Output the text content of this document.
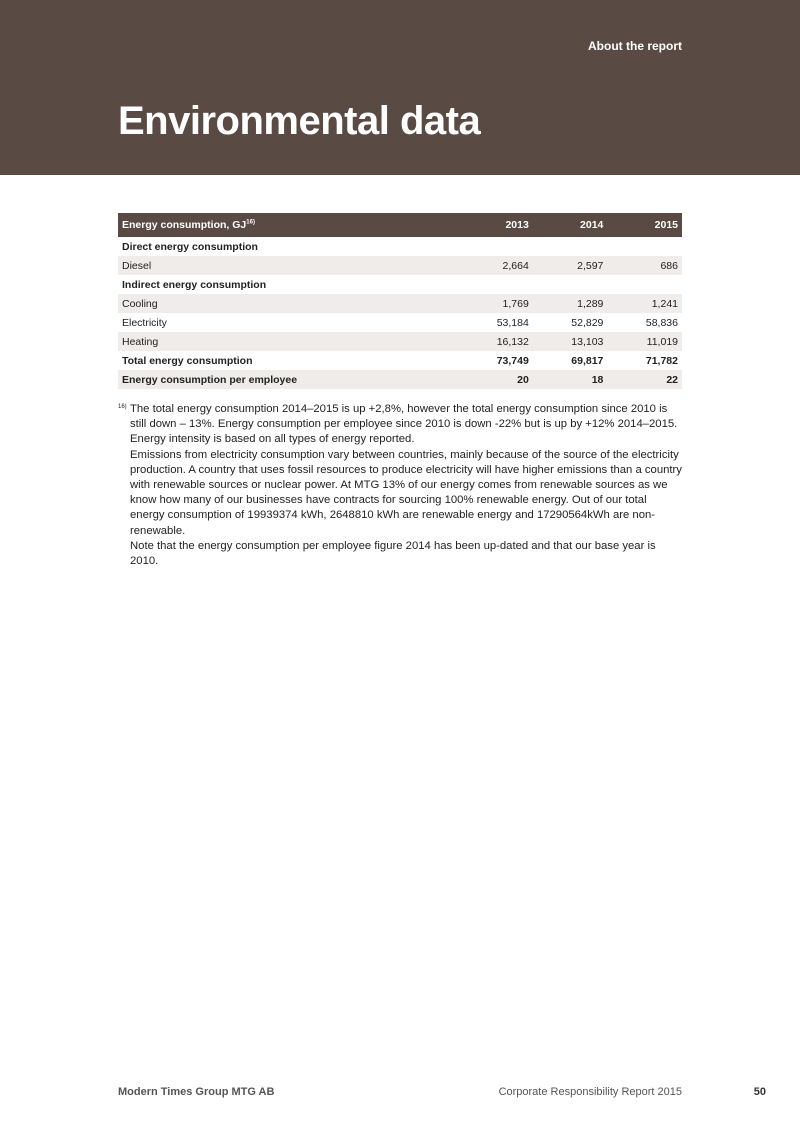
About the report
Environmental data
Energy consumption, GJ$^{16)}$	2013	2014	2015
Direct energy consumption			
Diesel	2,664	2,597	686
Indirect energy consumption			
Cooling	1,769	1,289	1,241
Electricity	53,184	52,829	58,836
Heating	16,132	13,103	11,019
Total energy consumption	73,749	69,817	71,782
Energy consumption per employee	20	18	22
16) The total energy consumption 2014–2015 is up +2,8%, however the total energy consumption since 2010 is still down – 13%. Energy consumption per employee since 2010 is down -22% but is up by +12% 2014–2015. Energy intensity is based on all types of energy reported.

Emissions from electricity consumption vary between countries, mainly because of the source of the electricity production. A country that uses fossil resources to produce electricity will have higher emissions than a country with renewable sources or nuclear power. At MTG 13% of our energy comes from renewable sources as we know how many of our businesses have contracts for sourcing 100% renewable energy. Out of our total energy consumption of 19939374 kWh, 2648810 kWh are renewable energy and 17290564kWh are non-renewable.

Note that the energy consumption per employee figure 2014 has been up-dated and that our base year is 2010.

Modern Times Group MTG AB	Corporate Responsibility Report 2015	50
